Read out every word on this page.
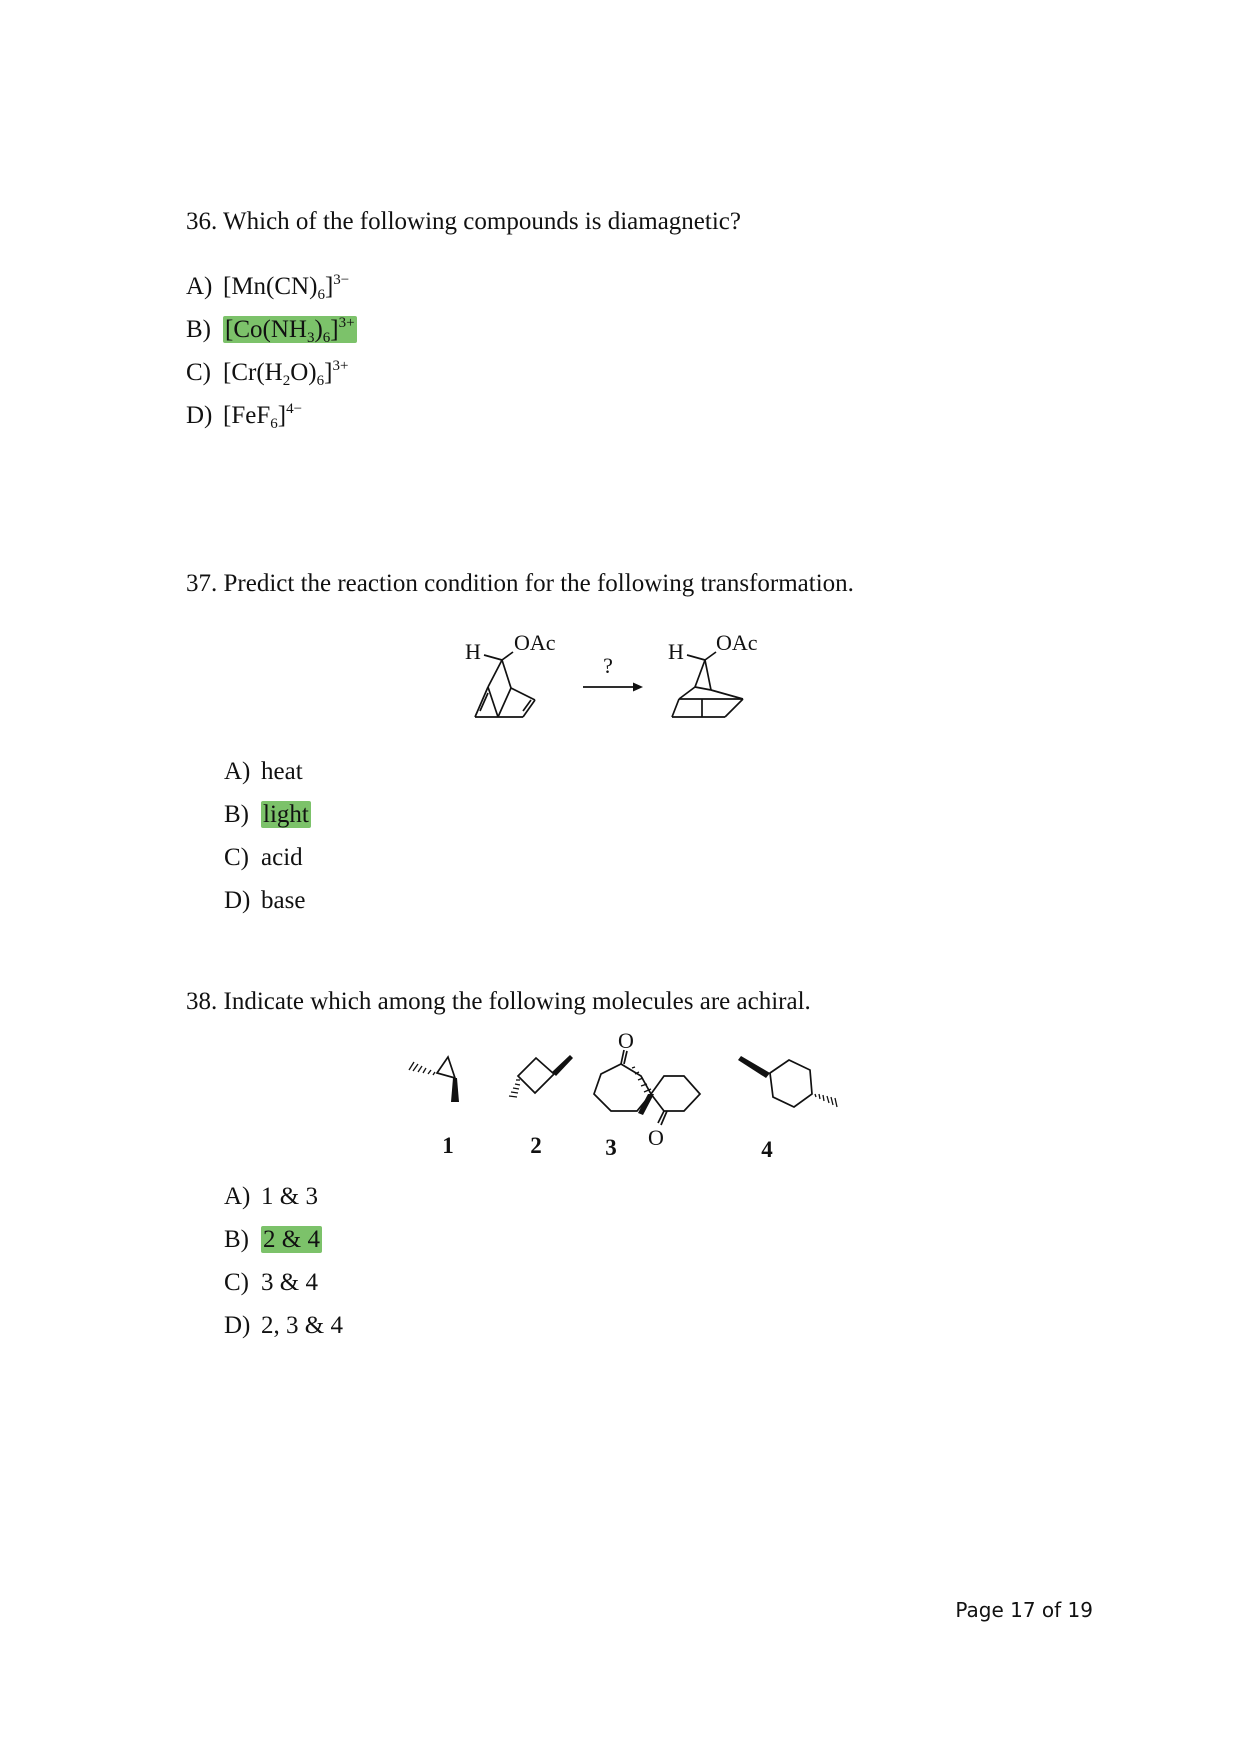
36. Which of the following compounds is diamagnetic?
A) $[Mn(CN)_6]^{3-}$
B) $[Co(NH_3)_6]^{3+}$
C) $[Cr(H_2O)_6]^{3+}$
D) $[FeF_6]^{4-}$
37. Predict the reaction condition for the following transformation.
H OAc
?
H OAc
A) heat
B) light
C) acid
D) base
38. Indicate which among the following molecules are achiral.
1	2
O
O
3	4
A) 1 & 3
B) 2 & 4
C) 3 & 4
D) 2, 3 & 4
Page 17 of 19
